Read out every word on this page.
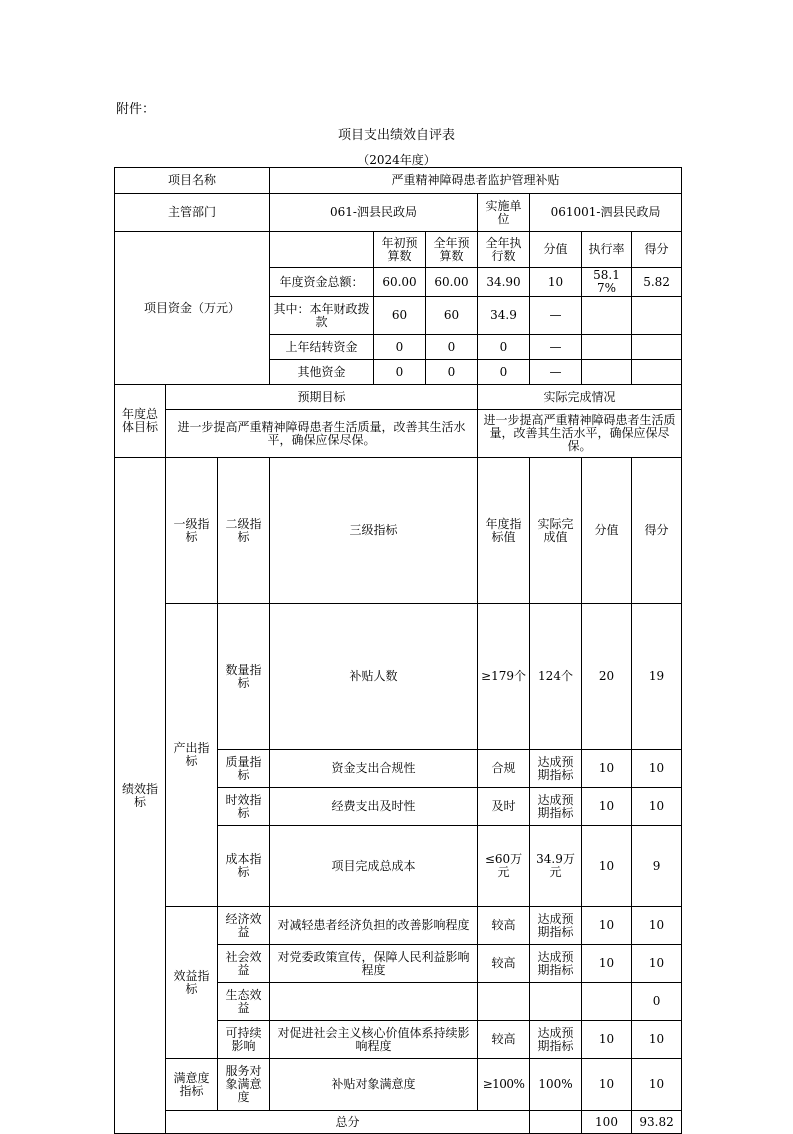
附件：
项目支出绩效自评表
（2024年度）
项目名称			严重精神障碍患者监护管理补贴							
主管部门			061-泗县民政局			实施单位	061001-泗县民政局			
项目资金（万元）				年初预算数	全年预算数	全年执行数	分值	执行率	得分	
			年度资金总额：	60.00	60.00	34.90	10	58.17%	5.82	
			其中：本年财政拨款	60	60	34.9	—			
			上年结转资金	0	0	0	—			
			其他资金	0	0	0	—			
年度总体目标	预期目标					实际完成情况				
	进一步提高严重精神障碍患者生活质量，改善其生活水平，确保应保尽保。					进一步提高严重精神障碍患者生活质量，改善其生活水平，确保应保尽保。				
绩效指标	一级指标	二级指标	三级指标			年度指标值	实际完成值	分值	得分	
	产出指标	数量指标	补贴人数			≥179个	124个	20	19	
		质量指标	资金支出合规性			合规	达成预期指标	10	10	
		时效指标	经费支出及时性			及时	达成预期指标	10	10	
		成本指标	项目完成总成本			≤60万元	34.9万元	10	9	
	效益指标	经济效益	对减轻患者经济负担的改善影响程度			较高	达成预期指标	10	10	
		社会效益	对党委政策宣传，保障人民利益影响程度			较高	达成预期指标	10	10	
		生态效益							0	
		可持续影响	对促进社会主义核心价值体系持续影响程度			较高	达成预期指标	10	10	
	满意度指标	服务对象满意度	补贴对象满意度			≥100%	100%	10	10	
	总分							100	93.82	
